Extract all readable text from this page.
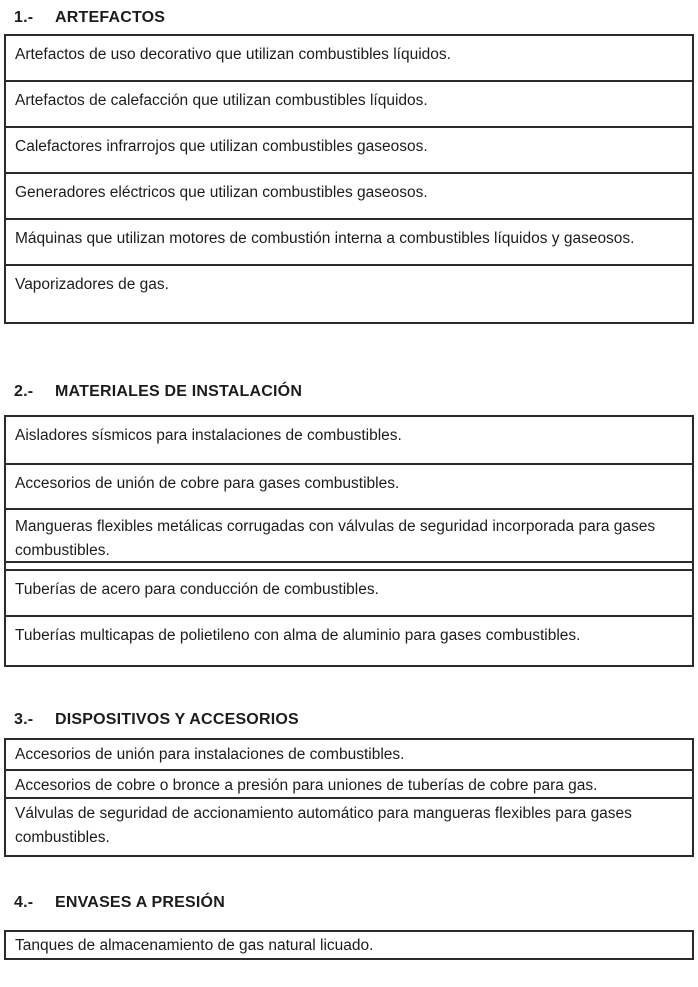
1.- ARTEFACTOS
Artefactos de uso decorativo que utilizan combustibles líquidos.
Artefactos de calefacción que utilizan combustibles líquidos.
Calefactores infrarrojos que utilizan combustibles gaseosos.
Generadores eléctricos que utilizan combustibles gaseosos.
Máquinas que utilizan motores de combustión interna a combustibles líquidos y gaseosos.
Vaporizadores de gas.
2.- MATERIALES DE INSTALACIÓN
Aisladores sísmicos para instalaciones de combustibles.
Accesorios de unión de cobre para gases combustibles.
Mangueras flexibles metálicas corrugadas con válvulas de seguridad incorporada para gases combustibles.
Tuberías de acero para conducción de combustibles.
Tuberías multicapas de polietileno con alma de aluminio para gases combustibles.
3.- DISPOSITIVOS Y ACCESORIOS
Accesorios de unión para instalaciones de combustibles.
Accesorios de cobre o bronce a presión para uniones de tuberías de cobre para gas.
Válvulas de seguridad de accionamiento automático para mangueras flexibles para gases combustibles.
4.- ENVASES A PRESIÓN
Tanques de almacenamiento de gas natural licuado.
